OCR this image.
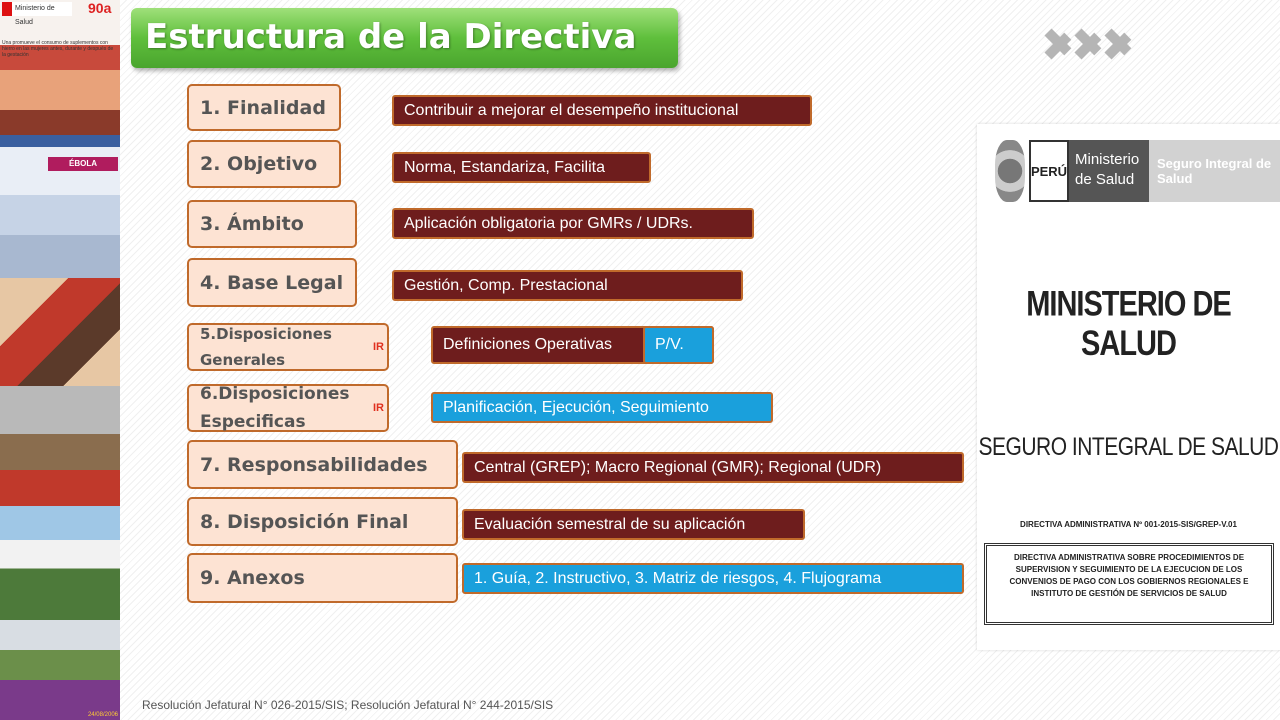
Ministerio de Salud
90a
Una promueve el consumo de suplementos con hierro en las mujeres antes, durante y después de la gestación
ÉBOLA
24/08/2006
Estructura de la Directiva
1. Finalidad
2. Objetivo
3. Ámbito
4. Base Legal
5.Disposiciones
Generales
IR
6.Disposiciones
Especificas
IR
7. Responsabilidades
8. Disposición Final
9. Anexos
Contribuir a mejorar el desempeño institucional
Norma, Estandariza, Facilita
Aplicación obligatoria por GMRs / UDRs.
Gestión, Comp. Prestacional
Definiciones Operativas	P/V.
Planificación, Ejecución, Seguimiento
Central (GREP); Macro Regional (GMR); Regional (UDR)
Evaluación semestral de su aplicación
1. Guía, 2. Instructivo, 3. Matriz de riesgos, 4. Flujograma
PERÚ
Ministerio
de Salud
Seguro Integral de Salud
MINISTERIO DE SALUD
SEGURO INTEGRAL DE SALUD
DIRECTIVA ADMINISTRATIVA Nº 001-2015-SIS/GREP-V.01
DIRECTIVA ADMINISTRATIVA SOBRE PROCEDIMIENTOS DE SUPERVISION Y SEGUIMIENTO DE LA EJECUCION DE LOS CONVENIOS DE PAGO CON LOS GOBIERNOS REGIONALES E INSTITUTO DE GESTIÓN DE SERVICIOS DE SALUD
Resolución Jefatural N° 026-2015/SIS; Resolución Jefatural N° 244-2015/SIS
